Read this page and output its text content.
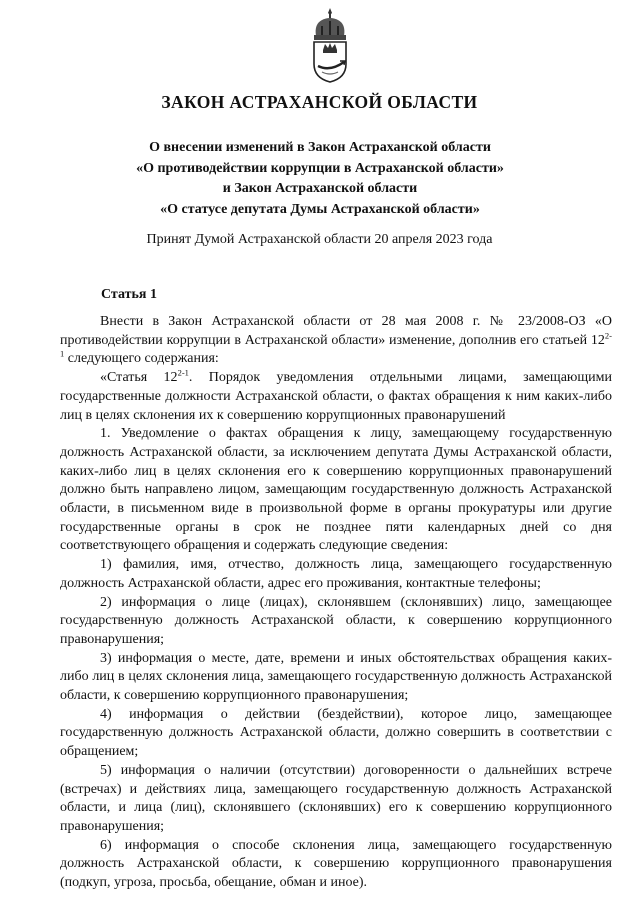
ЗАКОН АСТРАХАНСКОЙ ОБЛАСТИ
О внесении изменений в Закон Астраханской области
«О противодействии коррупции в Астраханской области»
и Закон Астраханской области
«О статусе депутата Думы Астраханской области»
Принят Думой Астраханской области 20 апреля 2023 года
Статья 1

Внести в Закон Астраханской области от 28 мая 2008 г. № 23/2008-ОЗ «О противодействии коррупции в Астраханской области» изменение, дополнив его статьей 12$^{2-1}$ следующего содержания:

«Статья 12$^{2-1}$. Порядок уведомления отдельными лицами, замещающими государственные должности Астраханской области, о фактах обращения к ним каких-либо лиц в целях склонения их к совершению коррупционных правонарушений

1. Уведомление о фактах обращения к лицу, замещающему государственную должность Астраханской области, за исключением депутата Думы Астраханской области, каких-либо лиц в целях склонения его к совершению коррупционных правонарушений должно быть направлено лицом, замещающим государственную должность Астраханской области, в письменном виде в произвольной форме в органы прокуратуры или другие государственные органы в срок не позднее пяти календарных дней со дня соответствующего обращения и содержать следующие сведения:

1) фамилия, имя, отчество, должность лица, замещающего государственную должность Астраханской области, адрес его проживания, контактные телефоны;

2) информация о лице (лицах), склонявшем (склонявших) лицо, замещающее государственную должность Астраханской области, к совершению коррупционного правонарушения;

3) информация о месте, дате, времени и иных обстоятельствах обращения каких-либо лиц в целях склонения лица, замещающего государственную должность Астраханской области, к совершению коррупционного правонарушения;

4) информация о действии (бездействии), которое лицо, замещающее государственную должность Астраханской области, должно совершить в соответствии с обращением;

5) информация о наличии (отсутствии) договоренности о дальнейших встрече (встречах) и действиях лица, замещающего государственную должность Астраханской области, и лица (лиц), склонявшего (склонявших) его к совершению коррупционного правонарушения;

6) информация о способе склонения лица, замещающего государственную должность Астраханской области, к совершению коррупционного правонарушения (подкуп, угроза, просьба, обещание, обман и иное).
